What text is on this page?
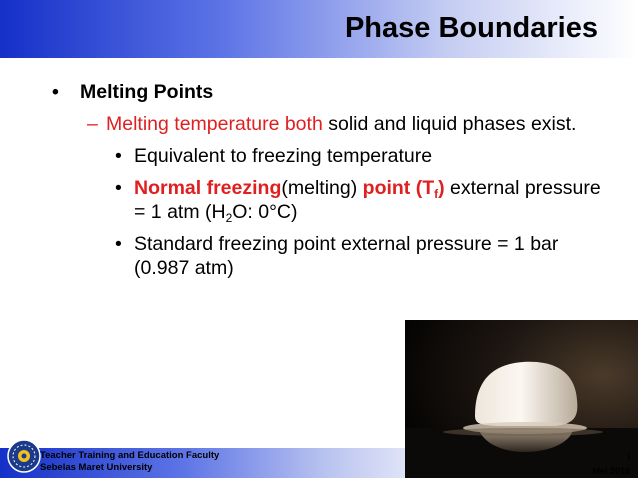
Phase Boundaries
• Melting Points
– Melting temperature both solid and liquid phases exist.
• Equivalent to freezing temperature
• Normal freezing(melting) point $(T_f)$ external pressure = 1 atm ($H_2O$: 0°C)
• Standard freezing point external pressure = 1 bar (0.987 atm)
Teacher Training and Education Faculty
Sebelas Maret University
i
Mei 2018
